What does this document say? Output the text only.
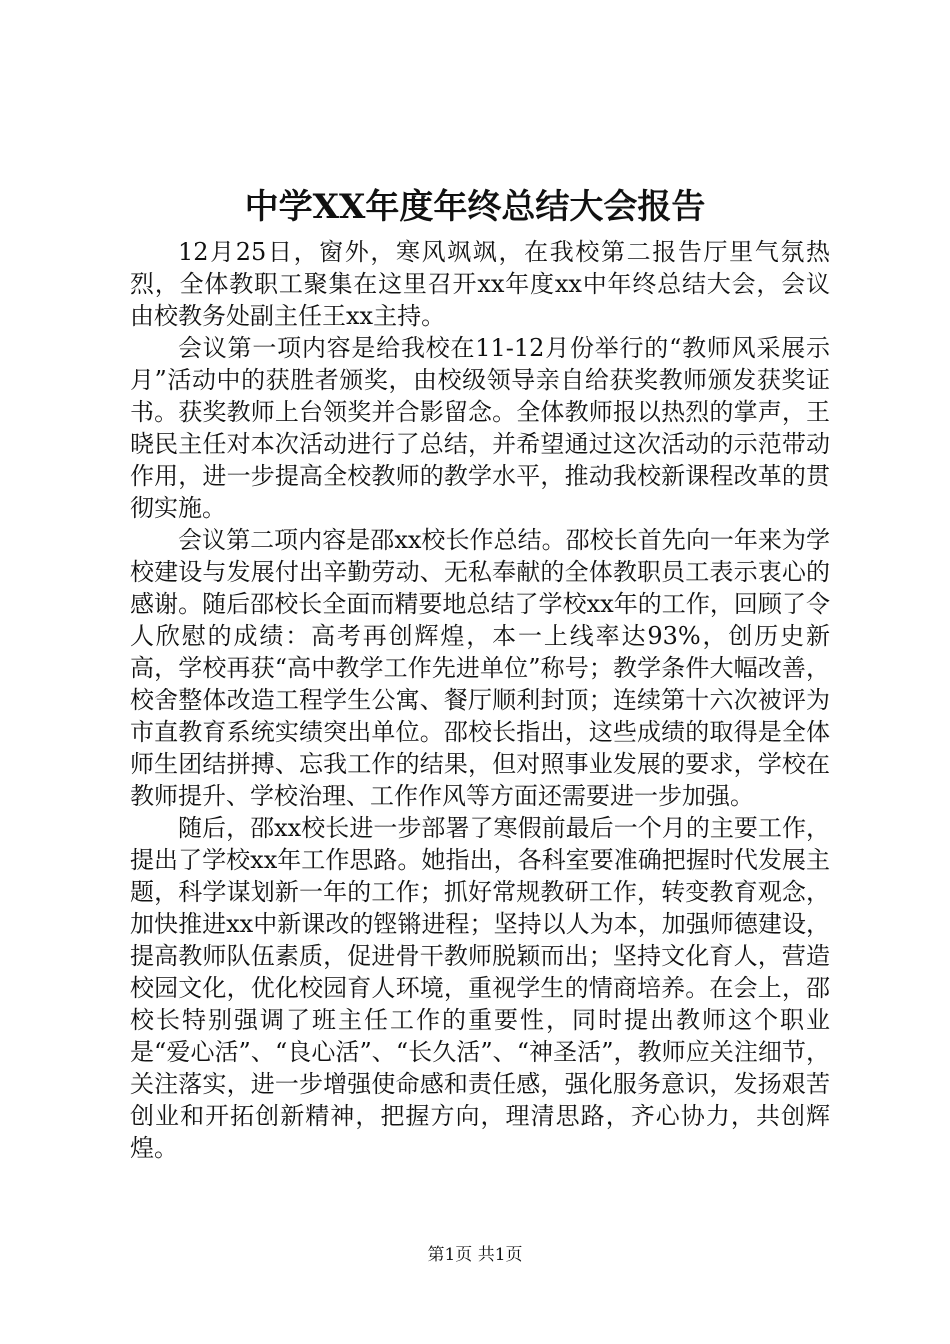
中学XX年度年终总结大会报告

12月25日，窗外，寒风飒飒，在我校第二报告厅里气氛热烈，全体教职工聚集在这里召开xx年度xx中年终总结大会，会议由校教务处副主任王xx主持。

会议第一项内容是给我校在11-12月份举行的“教师风采展示月”活动中的获胜者颁奖，由校级领导亲自给获奖教师颁发获奖证书。获奖教师上台领奖并合影留念。全体教师报以热烈的掌声，王晓民主任对本次活动进行了总结，并希望通过这次活动的示范带动作用，进一步提高全校教师的教学水平，推动我校新课程改革的贯彻实施。

会议第二项内容是邵xx校长作总结。邵校长首先向一年来为学校建设与发展付出辛勤劳动、无私奉献的全体教职员工表示衷心的感谢。随后邵校长全面而精要地总结了学校xx年的工作，回顾了令人欣慰的成绩：高考再创辉煌，本一上线率达93%，创历史新高，学校再获“高中教学工作先进单位”称号；教学条件大幅改善，校舍整体改造工程学生公寓、餐厅顺利封顶；连续第十六次被评为市直教育系统实绩突出单位。邵校长指出，这些成绩的取得是全体师生团结拼搏、忘我工作的结果，但对照事业发展的要求，学校在教师提升、学校治理、工作作风等方面还需要进一步加强。

随后，邵xx校长进一步部署了寒假前最后一个月的主要工作，提出了学校xx年工作思路。她指出，各科室要准确把握时代发展主题，科学谋划新一年的工作；抓好常规教研工作，转变教育观念，加快推进xx中新课改的铿锵进程；坚持以人为本，加强师德建设，提高教师队伍素质，促进骨干教师脱颖而出；坚持文化育人，营造校园文化，优化校园育人环境，重视学生的情商培养。在会上，邵校长特别强调了班主任工作的重要性，同时提出教师这个职业是“爱心活”、“良心活”、“长久活”、“神圣活”，教师应关注细节，关注落实，进一步增强使命感和责任感，强化服务意识，发扬艰苦创业和开拓创新精神，把握方向，理清思路，齐心协力，共创辉煌。

第1页 共1页
